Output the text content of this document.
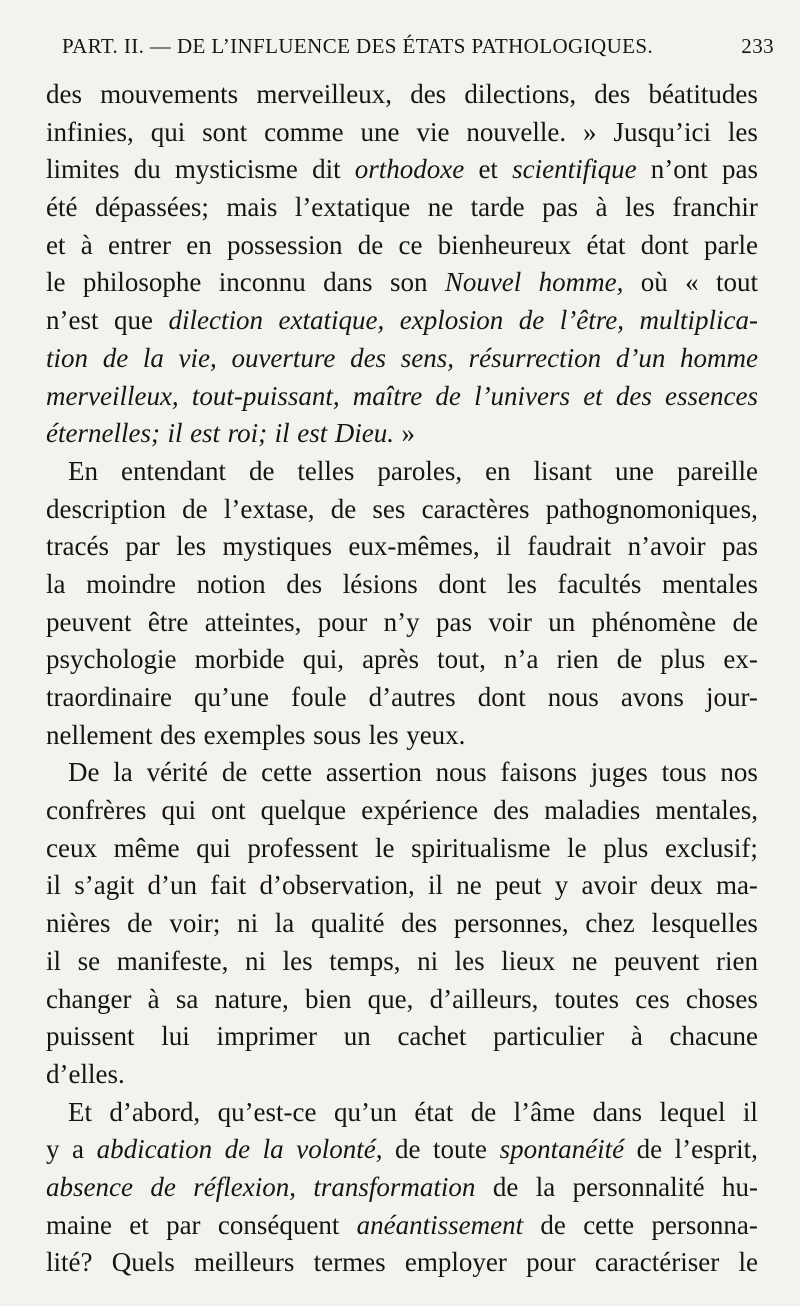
PART. II. — DE L’INFLUENCE DES ÉTATS PATHOLOGIQUES.	233
des mouvements merveilleux, des dilections, des béatitudes
infinies, qui sont comme une vie nouvelle. » Jusqu’ici les
limites du mysticisme dit orthodoxe et scientifique n’ont pas
été dépassées; mais l’extatique ne tarde pas à les franchir
et à entrer en possession de ce bienheureux état dont parle
le philosophe inconnu dans son Nouvel homme, où « tout
n’est que dilection extatique, explosion de l’être, multiplica-
tion de la vie, ouverture des sens, résurrection d’un homme
merveilleux, tout-puissant, maître de l’univers et des essences
éternelles; il est roi; il est Dieu. »
En entendant de telles paroles, en lisant une pareille
description de l’extase, de ses caractères pathognomoniques,
tracés par les mystiques eux-mêmes, il faudrait n’avoir pas
la moindre notion des lésions dont les facultés mentales
peuvent être atteintes, pour n’y pas voir un phénomène de
psychologie morbide qui, après tout, n’a rien de plus ex-
traordinaire qu’une foule d’autres dont nous avons jour-
nellement des exemples sous les yeux.
De la vérité de cette assertion nous faisons juges tous nos
confrères qui ont quelque expérience des maladies mentales,
ceux même qui professent le spiritualisme le plus exclusif;
il s’agit d’un fait d’observation, il ne peut y avoir deux ma-
nières de voir; ni la qualité des personnes, chez lesquelles
il se manifeste, ni les temps, ni les lieux ne peuvent rien
changer à sa nature, bien que, d’ailleurs, toutes ces choses
puissent lui imprimer un cachet particulier à chacune
d’elles.
Et d’abord, qu’est-ce qu’un état de l’âme dans lequel il
y a abdication de la volonté, de toute spontanéité de l’esprit,
absence de réflexion, transformation de la personnalité hu-
maine et par conséquent anéantissement de cette personna-
lité? Quels meilleurs termes employer pour caractériser le
